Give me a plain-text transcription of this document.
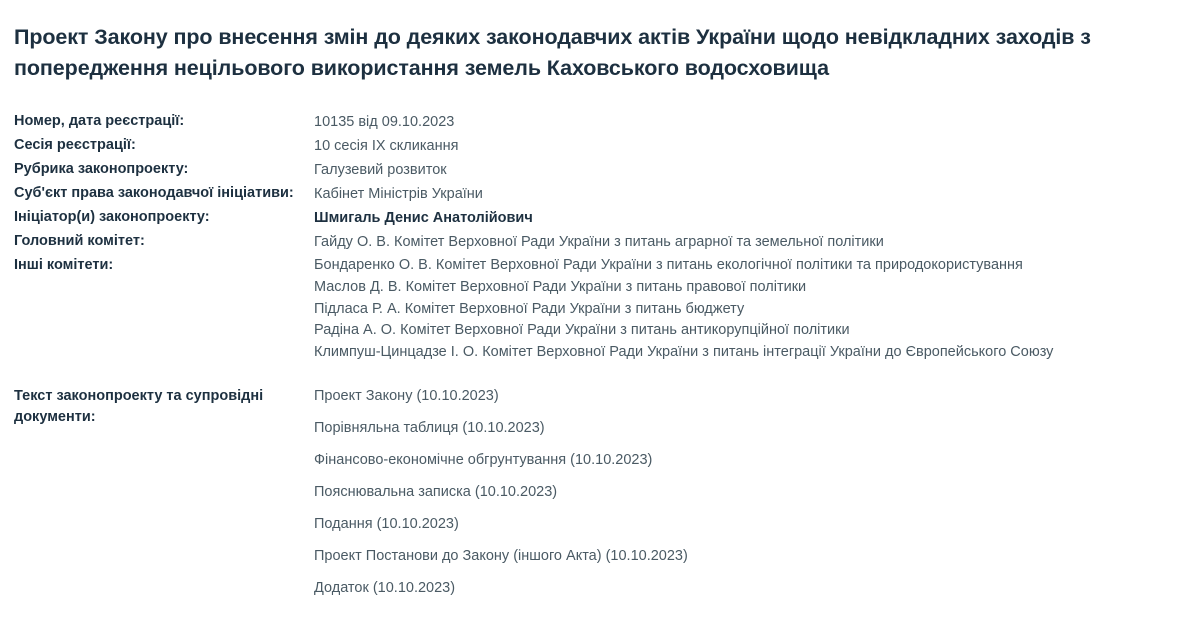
Проект Закону про внесення змін до деяких законодавчих актів України щодо невідкладних заходів з попередження нецільового використання земель Каховського водосховища
Номер, дата реєстрації:	10135 від 09.10.2023
Сесія реєстрації:	10 сесія IX скликання
Рубрика законопроекту:	Галузевий розвиток
Суб'єкт права законодавчої ініціативи:	Кабінет Міністрів України
Ініціатор(и) законопроекту:	Шмигаль Денис Анатолійович
Головний комітет:	Гайду О. В. Комітет Верховної Ради України з питань аграрної та земельної політики
Інші комітети:	Бондаренко О. В. Комітет Верховної Ради України з питань екологічної політики та природокористування
Маслов Д. В. Комітет Верховної Ради України з питань правової політики
Підласа Р. А. Комітет Верховної Ради України з питань бюджету
Радіна А. О. Комітет Верховної Ради України з питань антикорупційної політики
Климпуш-Цинцадзе І. О. Комітет Верховної Ради України з питань інтеграції України до Європейського Союзу
Текст законопроекту та супровідні документи:
Проект Закону (10.10.2023)
Порівняльна таблиця (10.10.2023)
Фінансово-економічне обгрунтування (10.10.2023)
Пояснювальна записка (10.10.2023)
Подання (10.10.2023)
Проект Постанови до Закону (іншого Акта) (10.10.2023)
Додаток (10.10.2023)
